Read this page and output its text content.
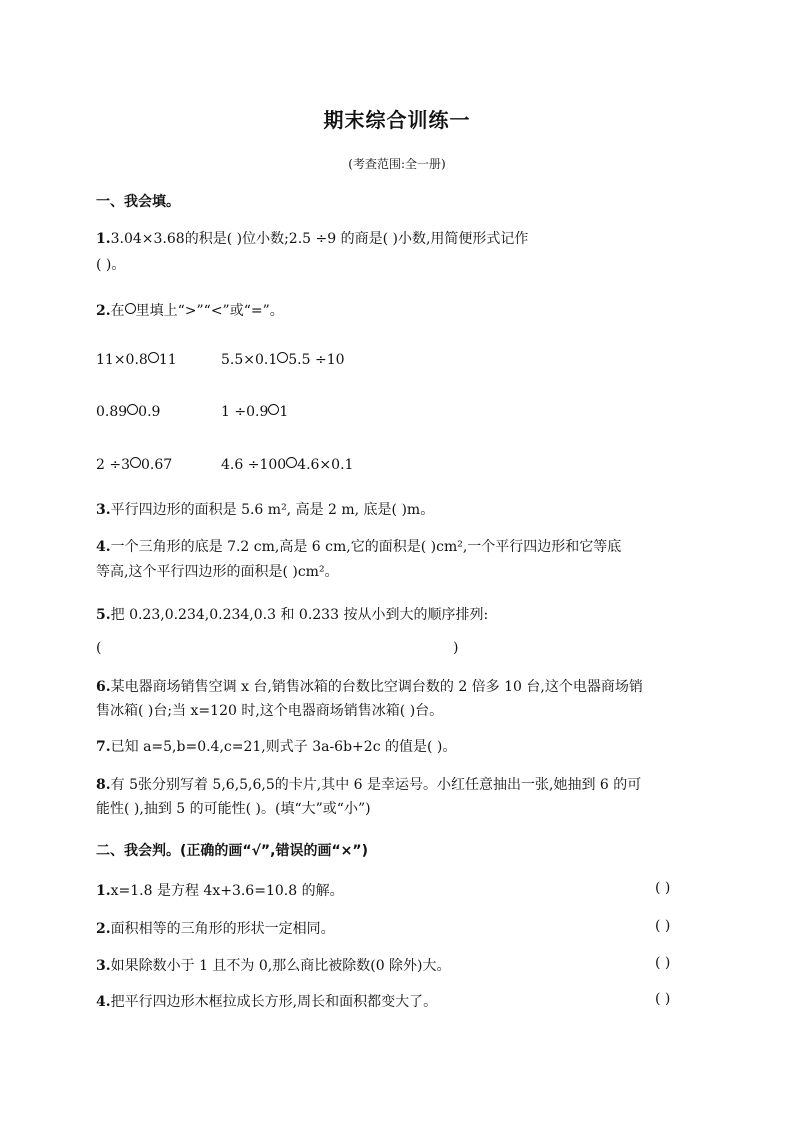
期末综合训练一
(考查范围:全一册)
一、我会填。
1.3.04×3.68的积是( )位小数;2.5 ÷9 的商是( )小数,用简便形式记作
( )。
2.在 里填上“>”“<”或“=”。
11×0.8 11	5.5×0.1 5.5 ÷10
0.89 0.9	1 ÷0.9 1
2 ÷3 0.67	4.6 ÷100 4.6×0.1
3.平行四边形的面积是 5.6 m², 高是 2 m, 底是( )m。
4.一个三角形的底是 7.2 cm,高是 6 cm,它的面积是( )cm²,一个平行四边形和它等底
等高,这个平行四边形的面积是( )cm²。
5.把 0.23,0.234,0.234,0.3 和 0.233 按从小到大的顺序排列:
(	)
6.某电器商场销售空调 x 台,销售冰箱的台数比空调台数的 2 倍多 10 台,这个电器商场销
售冰箱( )台;当 x=120 时,这个电器商场销售冰箱( )台。
7.已知 a=5,b=0.4,c=21,则式子 3a-6b+2c 的值是( )。
8.有 5张分别写着 5,6,5,6,5的卡片,其中 6 是幸运号。小红任意抽出一张,她抽到 6 的可
能性( ),抽到 5 的可能性( )。(填“大”或“小”)
二、我会判。(正确的画“√”,错误的画“×”)
1.x=1.8 是方程 4x+3.6=10.8 的解。	( )
2.面积相等的三角形的形状一定相同。	( )
3.如果除数小于 1 且不为 0,那么商比被除数(0 除外)大。	( )
4.把平行四边形木框拉成长方形,周长和面积都变大了。	( )
